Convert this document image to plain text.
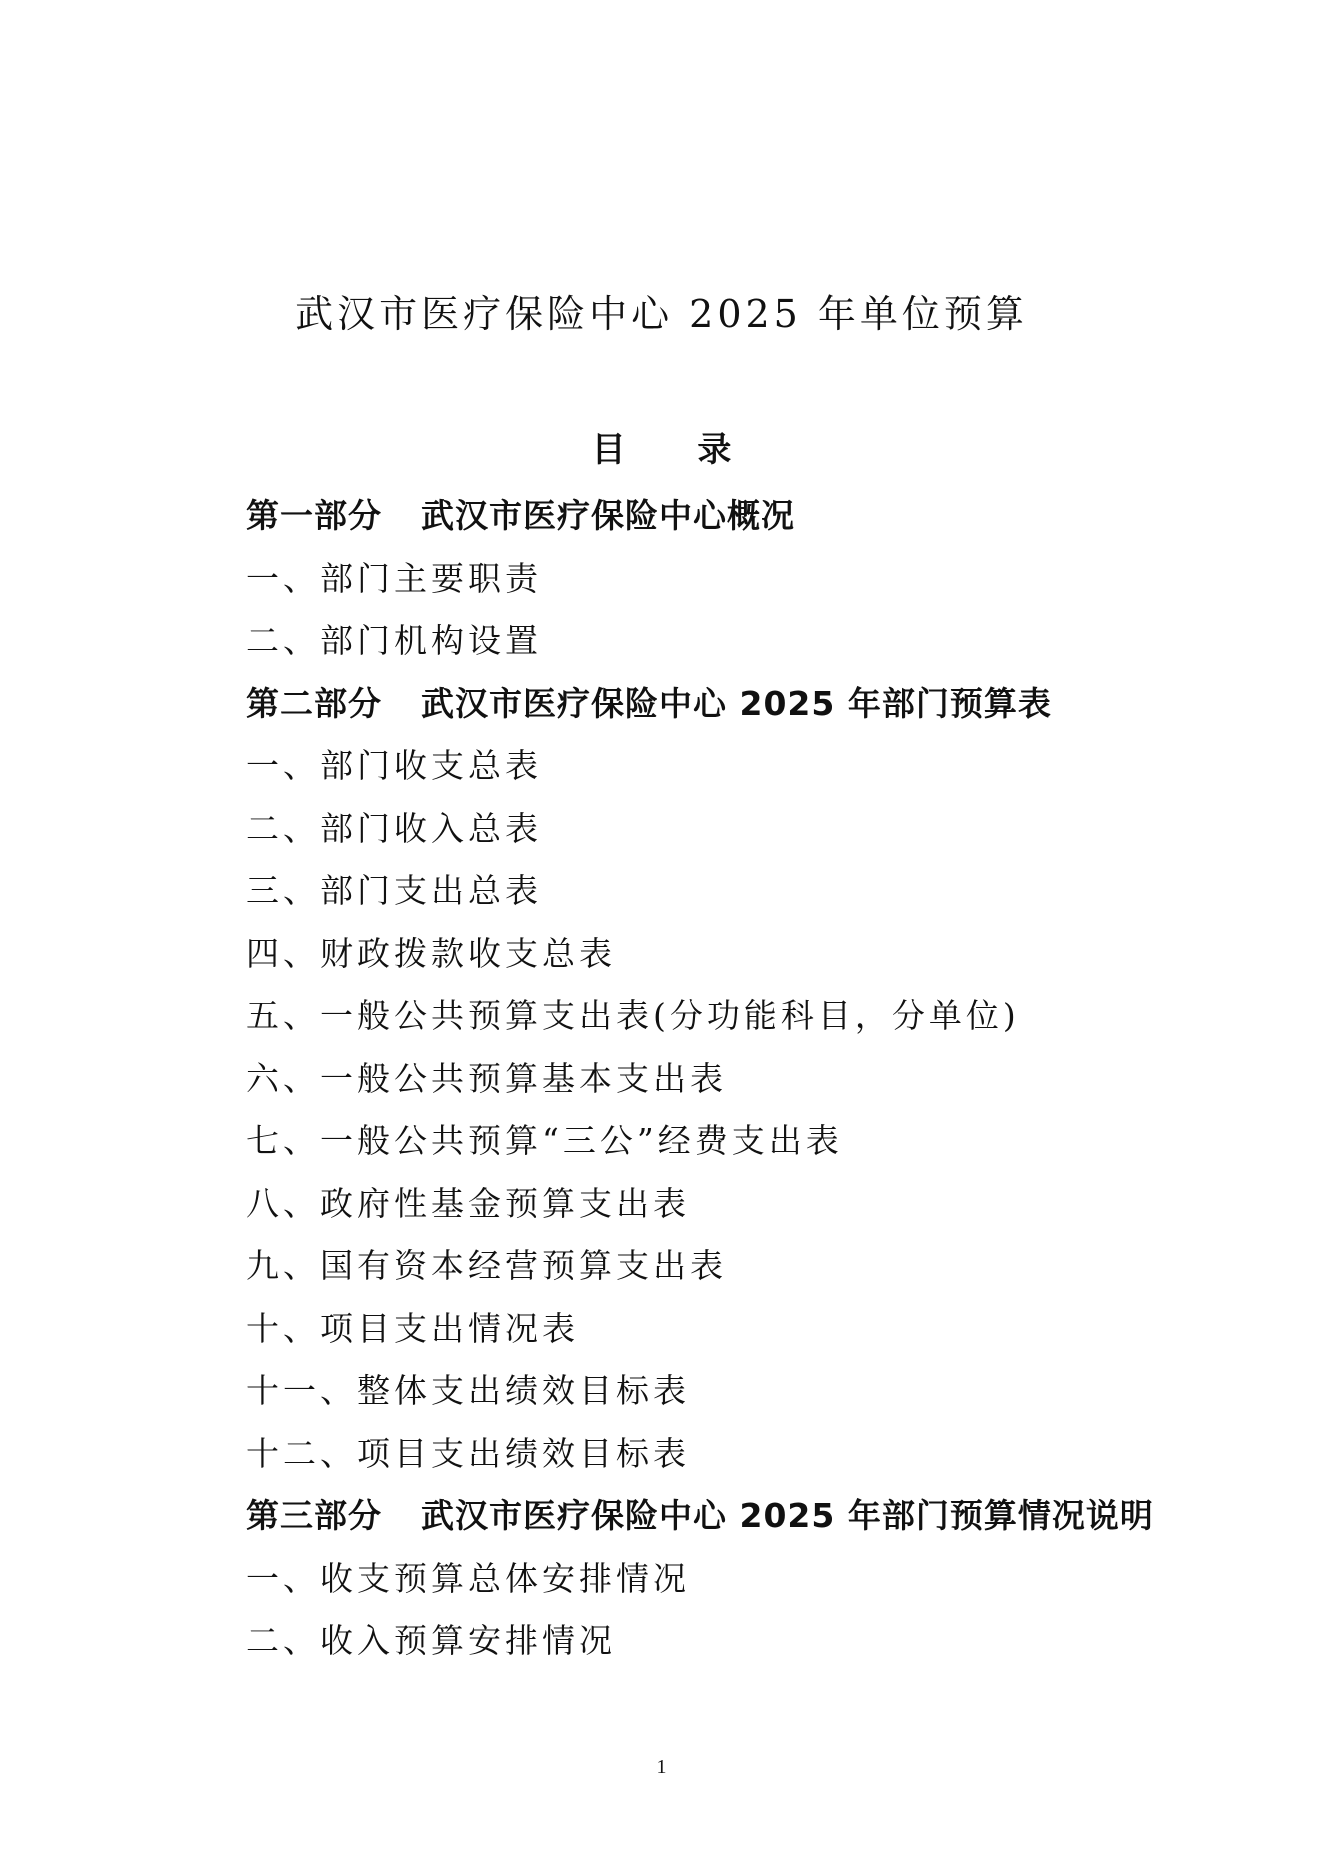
武汉市医疗保险中心 2025 年单位预算
目 录
第一部分 武汉市医疗保险中心概况
一、部门主要职责
二、部门机构设置
第二部分 武汉市医疗保险中心 2025 年部门预算表
一、部门收支总表
二、部门收入总表
三、部门支出总表
四、财政拨款收支总表
五、一般公共预算支出表(分功能科目，分单位)
六、一般公共预算基本支出表
七、一般公共预算“三公”经费支出表
八、政府性基金预算支出表
九、国有资本经营预算支出表
十、项目支出情况表
十一、整体支出绩效目标表
十二、项目支出绩效目标表
第三部分 武汉市医疗保险中心 2025 年部门预算情况说明
一、收支预算总体安排情况
二、收入预算安排情况
1
